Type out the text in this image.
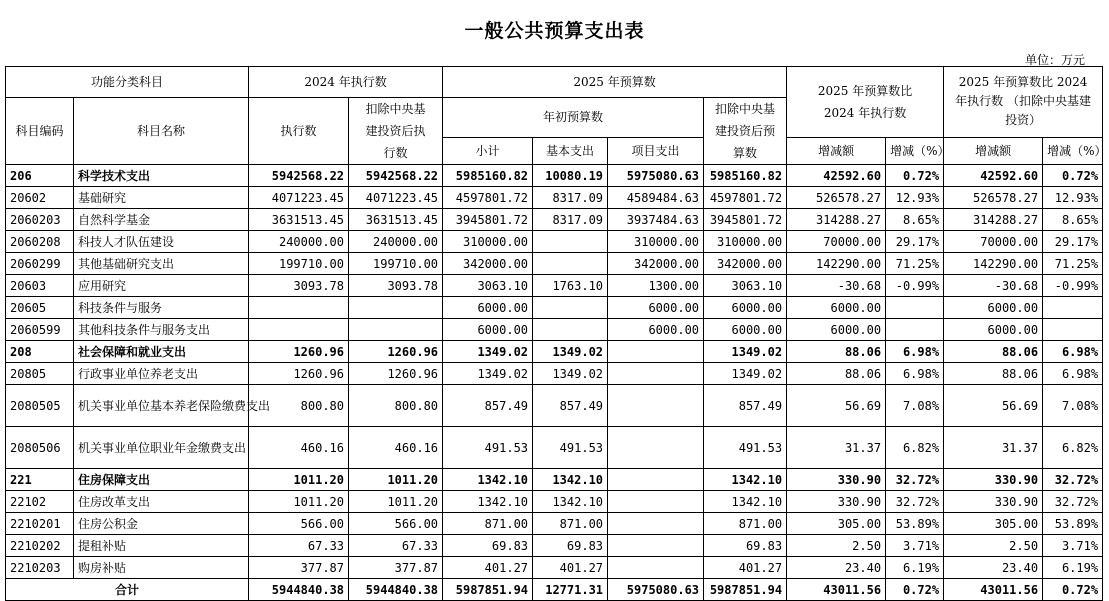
一般公共预算支出表
单位：万元
功能分类科目		2024 年执行数		2025 年预算数				2025 年预算数比 2024 年执行数		2025 年预算数比 2024 年执行数 （扣除中央基建投资）	
科目编码	科目名称	执行数	扣除中央基建投资后执行数	年初预算数			扣除中央基建投资后预算数				
				小计	基本支出	项目支出		增减额	增减（%）	增减额	增减（%）
206	科学技术支出	5942568.22	5942568.22	5985160.82	10080.19	5975080.63	5985160.82	42592.60	0.72%	42592.60	0.72%
20602	基础研究	4071223.45	4071223.45	4597801.72	8317.09	4589484.63	4597801.72	526578.27	12.93%	526578.27	12.93%
2060203	自然科学基金	3631513.45	3631513.45	3945801.72	8317.09	3937484.63	3945801.72	314288.27	8.65%	314288.27	8.65%
2060208	科技人才队伍建设	240000.00	240000.00	310000.00		310000.00	310000.00	70000.00	29.17%	70000.00	29.17%
2060299	其他基础研究支出	199710.00	199710.00	342000.00		342000.00	342000.00	142290.00	71.25%	142290.00	71.25%
20603	应用研究	3093.78	3093.78	3063.10	1763.10	1300.00	3063.10	-30.68	-0.99%	-30.68	-0.99%
20605	科技条件与服务			6000.00		6000.00	6000.00	6000.00		6000.00	
2060599	其他科技条件与服务支出			6000.00		6000.00	6000.00	6000.00		6000.00	
208	社会保障和就业支出	1260.96	1260.96	1349.02	1349.02		1349.02	88.06	6.98%	88.06	6.98%
20805	行政事业单位养老支出	1260.96	1260.96	1349.02	1349.02		1349.02	88.06	6.98%	88.06	6.98%
2080505	机关事业单位基本养老保险缴费支出	800.80	800.80	857.49	857.49		857.49	56.69	7.08%	56.69	7.08%
2080506	机关事业单位职业年金缴费支出	460.16	460.16	491.53	491.53		491.53	31.37	6.82%	31.37	6.82%
221	住房保障支出	1011.20	1011.20	1342.10	1342.10		1342.10	330.90	32.72%	330.90	32.72%
22102	住房改革支出	1011.20	1011.20	1342.10	1342.10		1342.10	330.90	32.72%	330.90	32.72%
2210201	住房公积金	566.00	566.00	871.00	871.00		871.00	305.00	53.89%	305.00	53.89%
2210202	提租补贴	67.33	67.33	69.83	69.83		69.83	2.50	3.71%	2.50	3.71%
2210203	购房补贴	377.87	377.87	401.27	401.27		401.27	23.40	6.19%	23.40	6.19%
合计		5944840.38	5944840.38	5987851.94	12771.31	5975080.63	5987851.94	43011.56	0.72%	43011.56	0.72%
